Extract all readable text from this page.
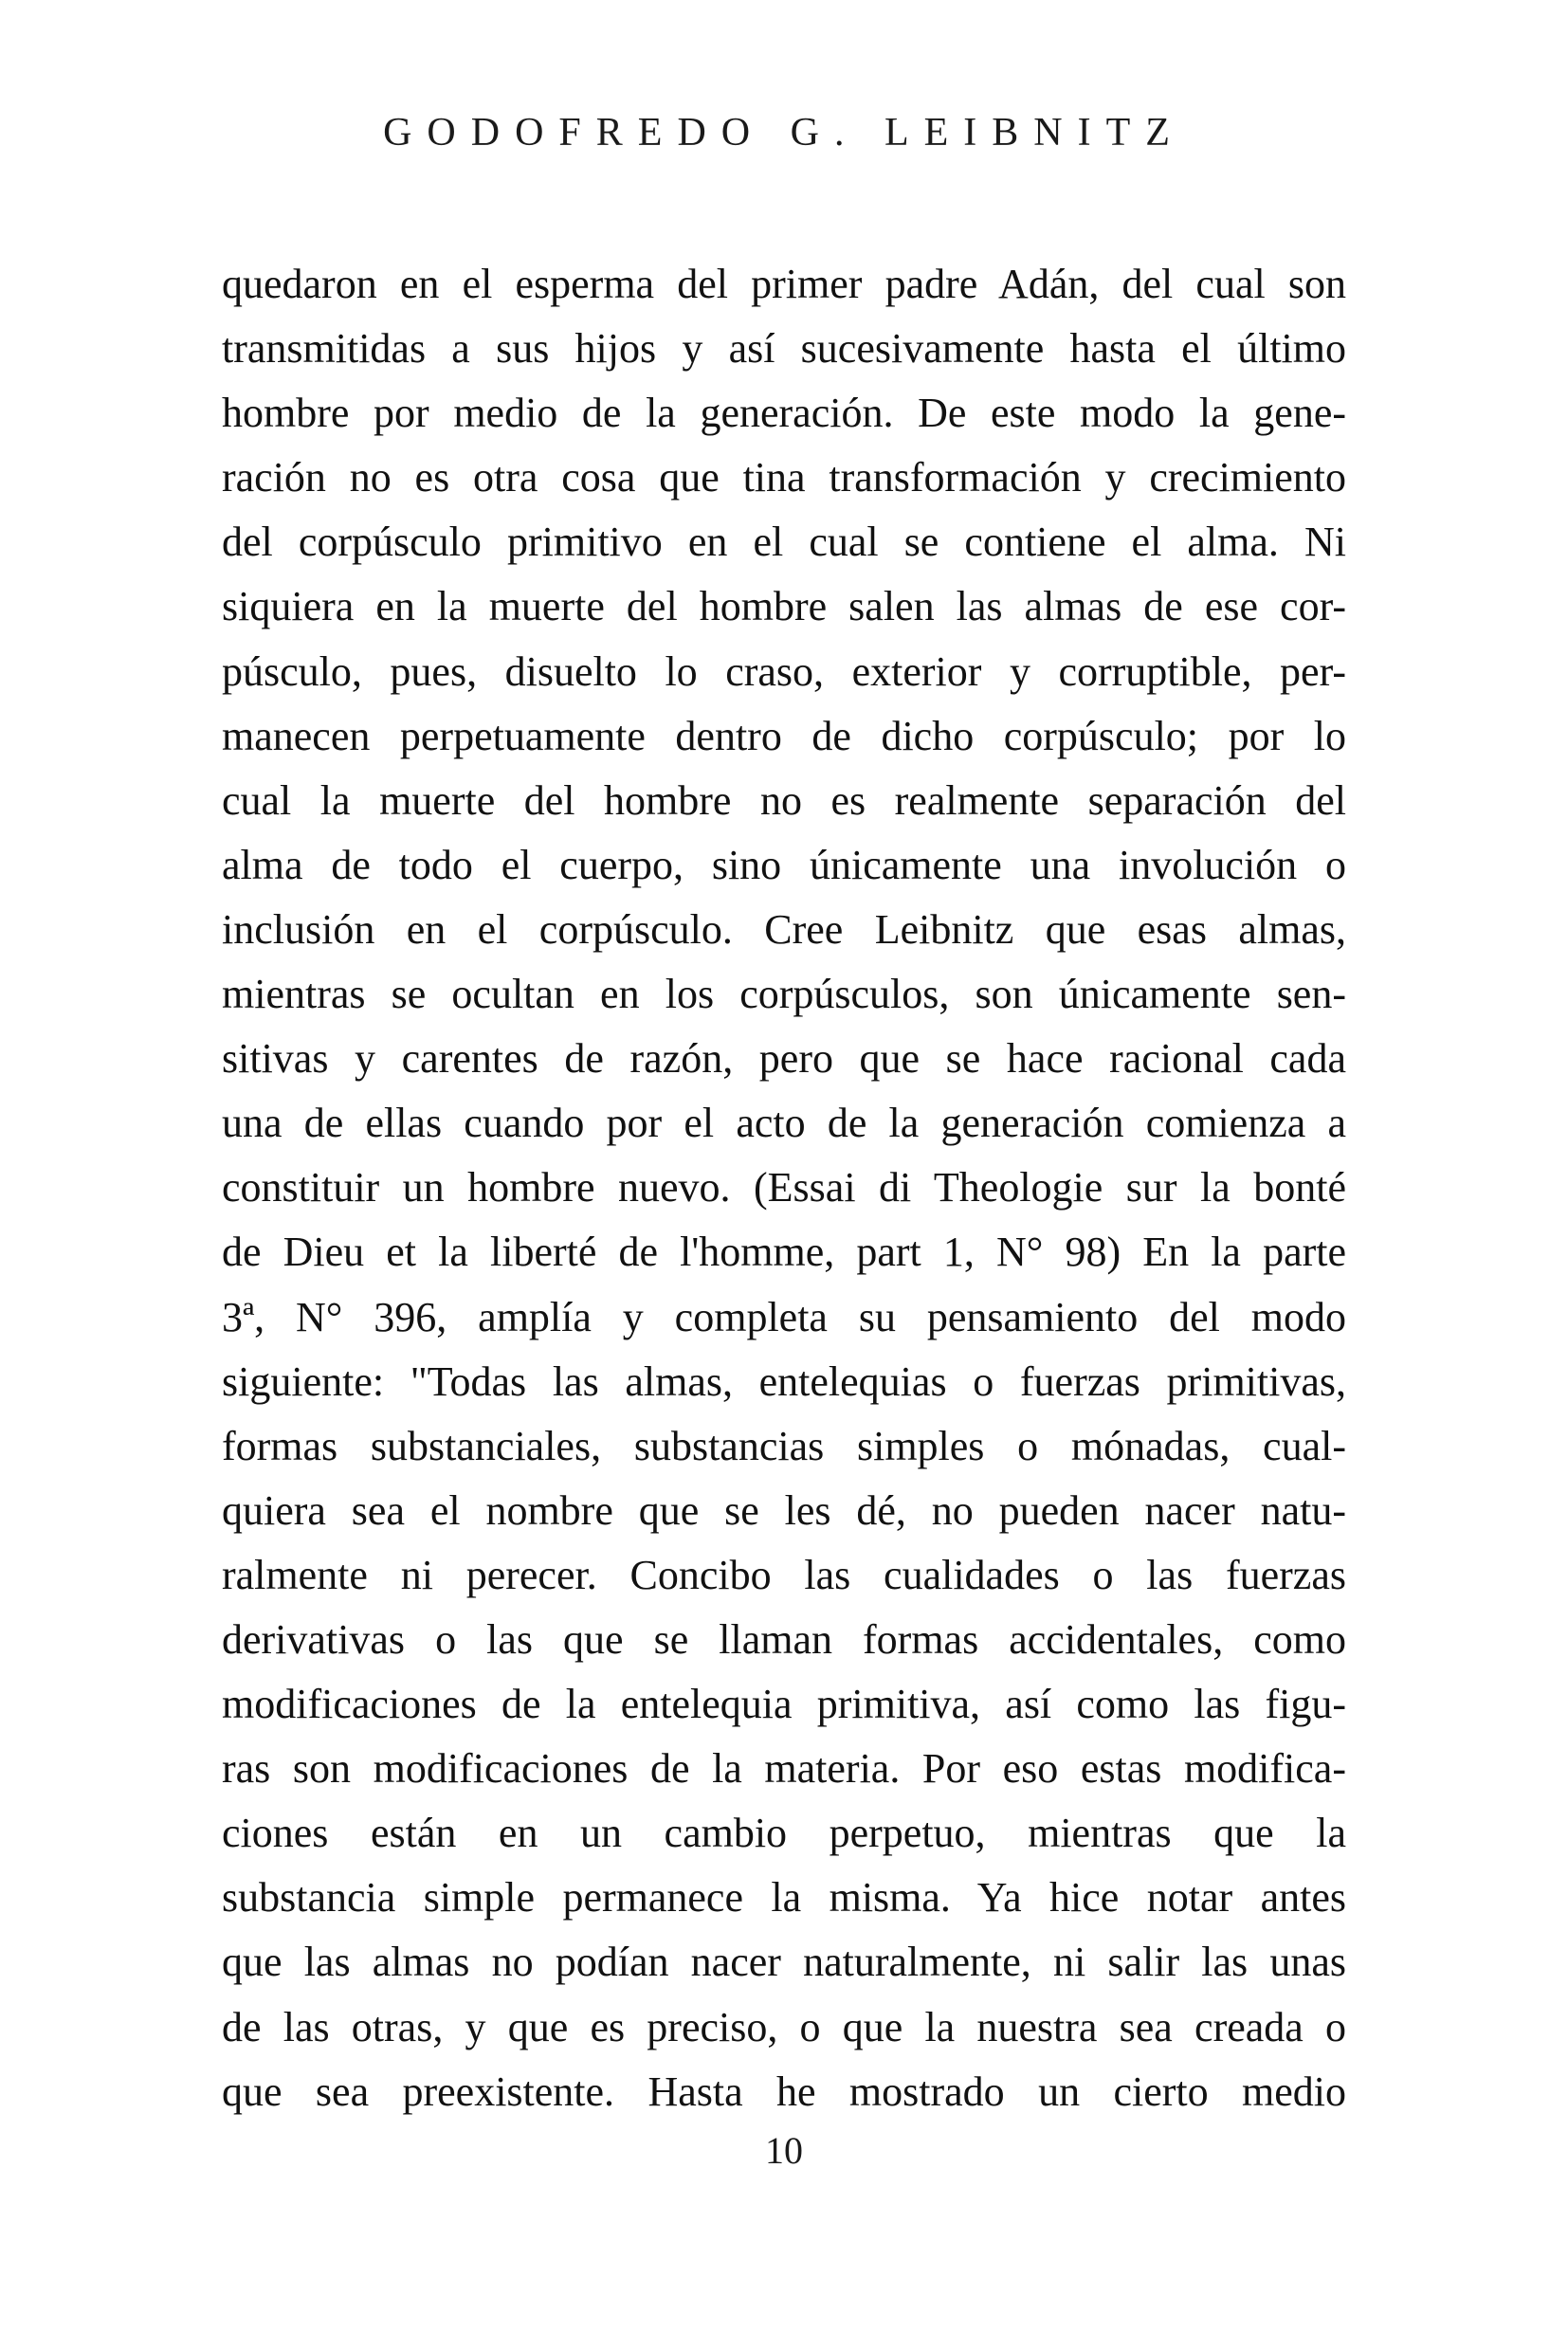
GODOFREDO G. LEIBNITZ
quedaron en el esperma del primer padre Adán, del cual son
transmitidas a sus hijos y así sucesivamente hasta el último
hombre por medio de la generación. De este modo la gene-
ración no es otra cosa que tina transformación y crecimiento
del corpúsculo primitivo en el cual se contiene el alma. Ni
siquiera en la muerte del hombre salen las almas de ese cor-
púsculo, pues, disuelto lo craso, exterior y corruptible, per-
manecen perpetuamente dentro de dicho corpúsculo; por lo
cual la muerte del hombre no es realmente separación del
alma de todo el cuerpo, sino únicamente una involución o
inclusión en el corpúsculo. Cree Leibnitz que esas almas,
mientras se ocultan en los corpúsculos, son únicamente sen-
sitivas y carentes de razón, pero que se hace racional cada
una de ellas cuando por el acto de la generación comienza a
constituir un hombre nuevo. (Essai di Theologie sur la bonté
de Dieu et la liberté de l'homme, part 1, N° 98) En la parte
3ª, N° 396, amplía y completa su pensamiento del modo
siguiente: "Todas las almas, entelequias o fuerzas primitivas,
formas substanciales, substancias simples o mónadas, cual-
quiera sea el nombre que se les dé, no pueden nacer natu-
ralmente ni perecer. Concibo las cualidades o las fuerzas
derivativas o las que se llaman formas accidentales, como
modificaciones de la entelequia primitiva, así como las figu-
ras son modificaciones de la materia. Por eso estas modifica-
ciones están en un cambio perpetuo, mientras que la
substancia simple permanece la misma. Ya hice notar antes
que las almas no podían nacer naturalmente, ni salir las unas
de las otras, y que es preciso, o que la nuestra sea creada o
que sea preexistente. Hasta he mostrado un cierto medio
10
